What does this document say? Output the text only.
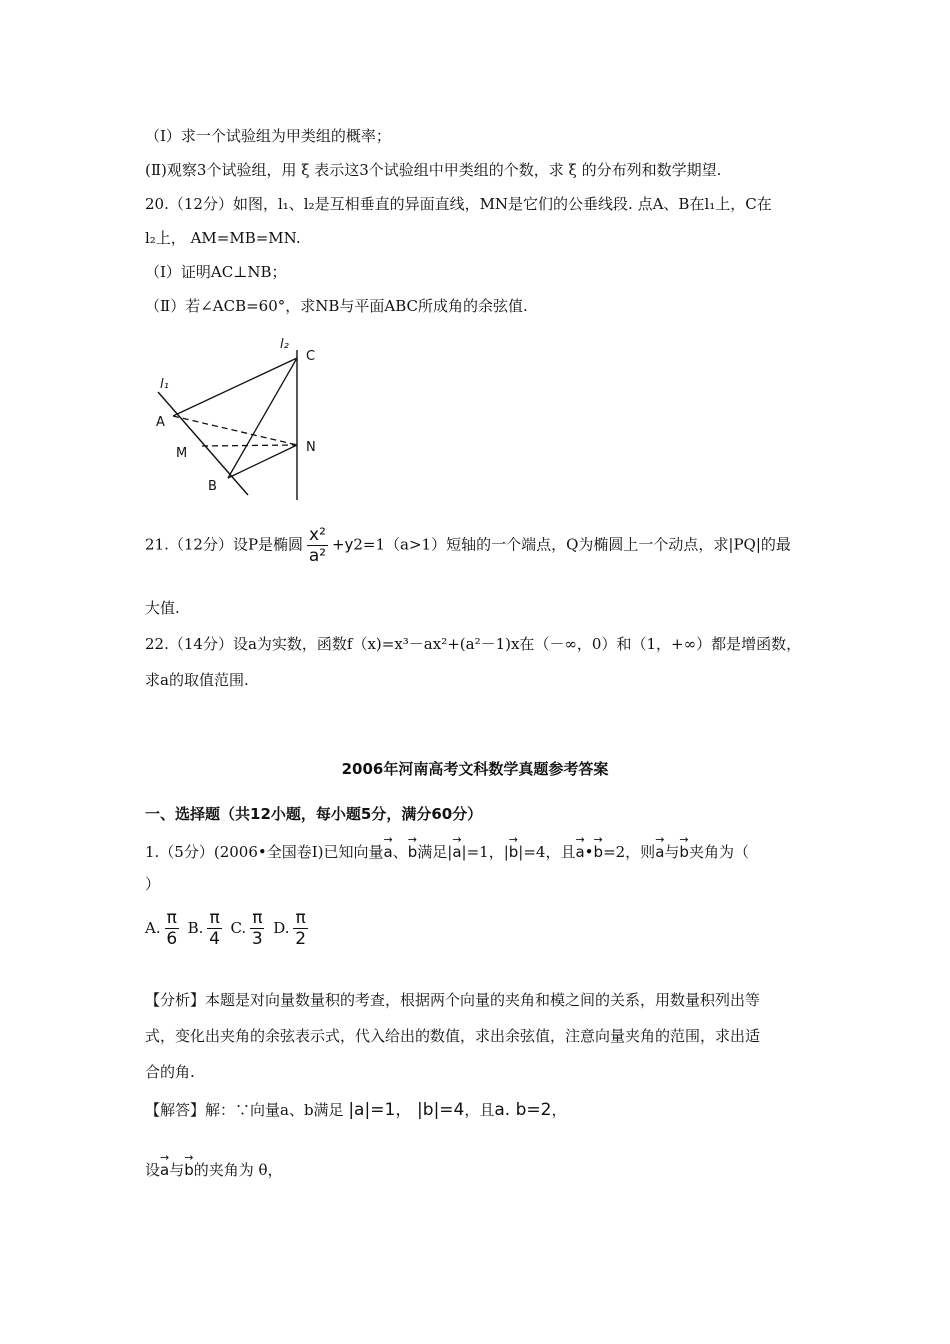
（Ⅰ）求一个试验组为甲类组的概率；
(Ⅱ)观察3个试验组，用 ξ 表示这3个试验组中甲类组的个数，求 ξ 的分布列和数学期望.
20.（12分）如图，l₁、l₂是互相垂直的异面直线，MN是它们的公垂线段. 点A、B在l₁上，C在
l₂上， AM=MB=MN.
（Ⅰ）证明AC⊥NB；
（Ⅱ）若∠ACB=60°，求NB与平面ABC所成角的余弦值.
l₁
l₂
C
A
M	N
B
21.（12分）设P是椭圆 $\frac{\text{x²}}{\text{a²}} +y2=1(a>1)$短轴的一个端点，Q为椭圆上一个动点，求|PQ|的最
大值.
22.（14分）设a为实数，函数f（x)=x³－ax²+(a²－1)x在（－∞，0）和（1，+∞）都是增函数，
求a的取值范围.
2006年河南高考文科数学真题参考答案
一、选择题（共12小题，每小题5分，满分60分）
1.（5分）(2006•全国卷Ⅰ)已知向量→ a、→ b满足|→ a|=1，|→ b|=4，且→ a•→ b=2，则→ a与→ b夹角为（
）
A. $\frac{\pi}{6} B$. $\frac{\pi}{4} C$. $\frac{\pi}{3} D$. $\frac{\pi}{2}$
【分析】本题是对向量数量积的考查，根据两个向量的夹角和模之间的关系，用数量积列出等
式，变化出夹角的余弦表示式，代入给出的数值，求出余弦值，注意向量夹角的范围，求出适
合的角.
【解答】解：∵向量a、b满足 |a|=1， |b|=4，且a. b=2，
设→ a与→ b的夹角为 θ，
